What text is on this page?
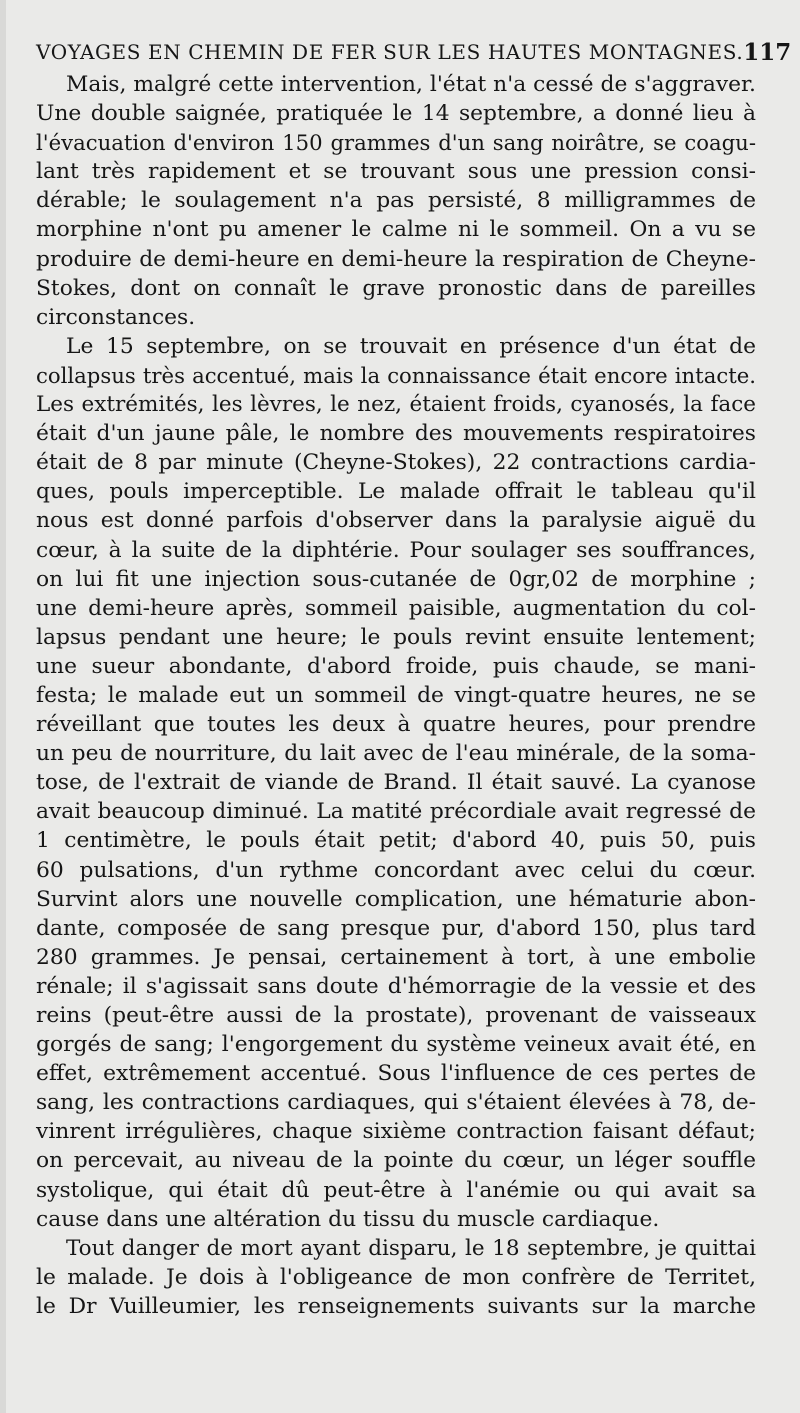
VOYAGES EN CHEMIN DE FER SUR LES HAUTES MONTAGNES. 117
Mais, malgré cette intervention, l'état n'a cessé de s'aggraver.
Une double saignée, pratiquée le 14 septembre, a donné lieu à
l'évacuation d'environ 150 grammes d'un sang noirâtre, se coagu-
lant très rapidement et se trouvant sous une pression consi-
dérable; le soulagement n'a pas persisté, 8 milligrammes de
morphine n'ont pu amener le calme ni le sommeil. On a vu se
produire de demi-heure en demi-heure la respiration de Cheyne-
Stokes, dont on connaît le grave pronostic dans de pareilles
circonstances.
Le 15 septembre, on se trouvait en présence d'un état de
collapsus très accentué, mais la connaissance était encore intacte.
Les extrémités, les lèvres, le nez, étaient froids, cyanosés, la face
était d'un jaune pâle, le nombre des mouvements respiratoires
était de 8 par minute (Cheyne-Stokes), 22 contractions cardia-
ques, pouls imperceptible. Le malade offrait le tableau qu'il
nous est donné parfois d'observer dans la paralysie aiguë du
cœur, à la suite de la diphtérie. Pour soulager ses souffrances,
on lui fit une injection sous-cutanée de 0gr,02 de morphine ;
une demi-heure après, sommeil paisible, augmentation du col-
lapsus pendant une heure; le pouls revint ensuite lentement;
une sueur abondante, d'abord froide, puis chaude, se mani-
festa; le malade eut un sommeil de vingt-quatre heures, ne se
réveillant que toutes les deux à quatre heures, pour prendre
un peu de nourriture, du lait avec de l'eau minérale, de la soma-
tose, de l'extrait de viande de Brand. Il était sauvé. La cyanose
avait beaucoup diminué. La matité précordiale avait regressé de
1 centimètre, le pouls était petit; d'abord 40, puis 50, puis
60 pulsations, d'un rythme concordant avec celui du cœur.
Survint alors une nouvelle complication, une hématurie abon-
dante, composée de sang presque pur, d'abord 150, plus tard
280 grammes. Je pensai, certainement à tort, à une embolie
rénale; il s'agissait sans doute d'hémorragie de la vessie et des
reins (peut-être aussi de la prostate), provenant de vaisseaux
gorgés de sang; l'engorgement du système veineux avait été, en
effet, extrêmement accentué. Sous l'influence de ces pertes de
sang, les contractions cardiaques, qui s'étaient élevées à 78, de-
vinrent irrégulières, chaque sixième contraction faisant défaut;
on percevait, au niveau de la pointe du cœur, un léger souffle
systolique, qui était dû peut-être à l'anémie ou qui avait sa
cause dans une altération du tissu du muscle cardiaque.
Tout danger de mort ayant disparu, le 18 septembre, je quittai
le malade. Je dois à l'obligeance de mon confrère de Territet,
le Dr Vuilleumier, les renseignements suivants sur la marche
